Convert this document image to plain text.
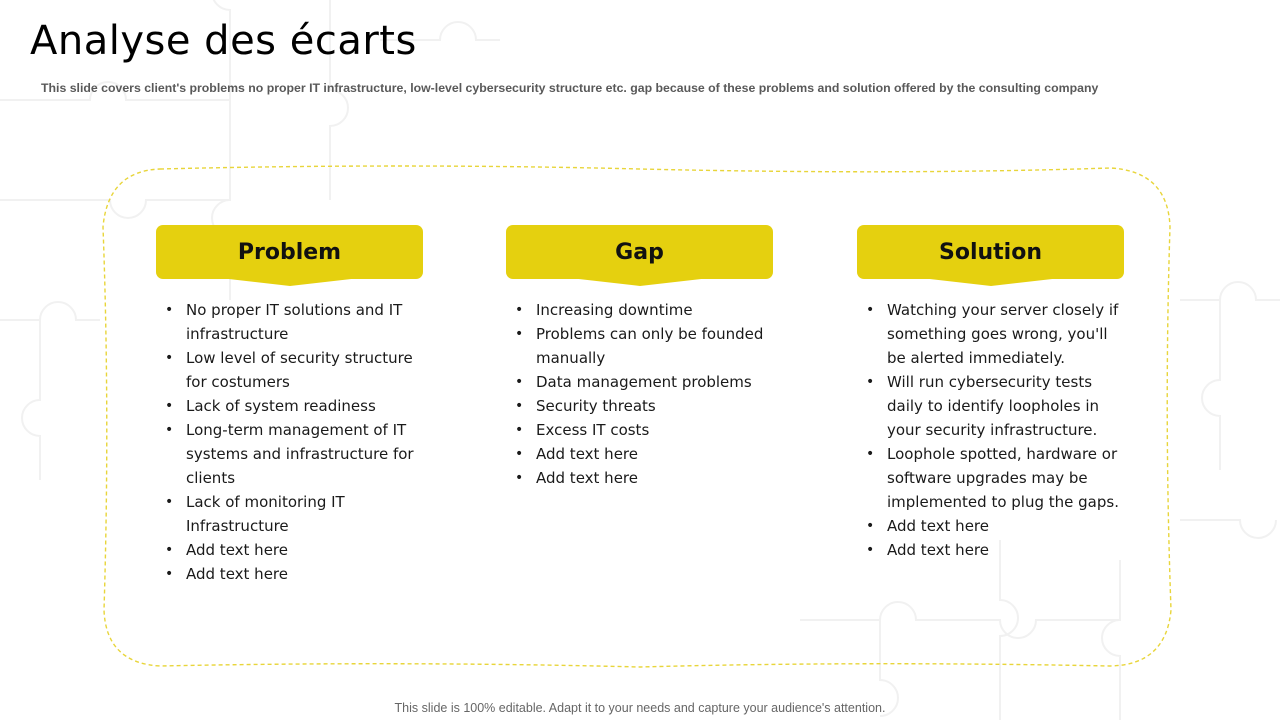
Analyse des écarts

This slide covers client's problems no proper IT infrastructure, low-level cybersecurity structure etc. gap because of these problems and solution offered by the consulting company

Problem
• No proper IT solutions and IT infrastructure
• Low level of security structure for costumers
• Lack of system readiness
• Long-term management of IT systems and infrastructure for clients
• Lack of monitoring IT Infrastructure
• Add text here
• Add text here
Gap
• Increasing downtime
• Problems can only be founded manually
• Data management problems
• Security threats
• Excess IT costs
• Add text here
• Add text here
Solution
• Watching your server closely if something goes wrong, you'll be alerted immediately.
• Will run cybersecurity tests daily to identify loopholes in your security infrastructure.
• Loophole spotted, hardware or software upgrades may be implemented to plug the gaps.
• Add text here
• Add text here

This slide is 100% editable. Adapt it to your needs and capture your audience's attention.
